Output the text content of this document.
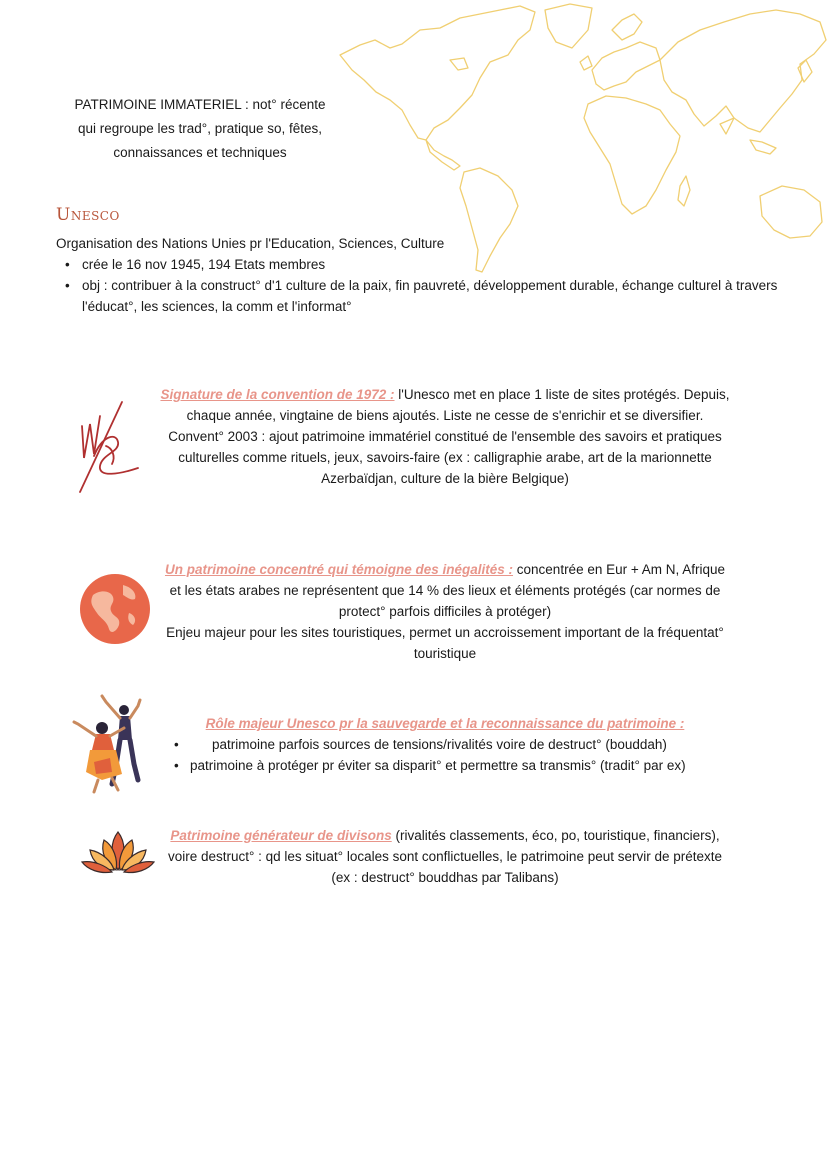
PATRIMOINE IMMATERIEL : not° récente
qui regroupe les trad°, pratique so, fêtes,
connaissances et techniques
Unesco
Organisation des Nations Unies pr l'Education, Sciences, Culture
• crée le 16 nov 1945, 194 Etats membres
• obj : contribuer à la construct° d'1 culture de la paix, fin pauvreté, développement durable, échange culturel à travers l'éducat°, les sciences, la comm et l'informat°
Signature de la convention de 1972 : l'Unesco met en place 1 liste de sites protégés. Depuis, chaque année, vingtaine de biens ajoutés. Liste ne cesse de s'enrichir et se diversifier.
Convent° 2003 : ajout patrimoine immatériel constitué de l'ensemble des savoirs et pratiques culturelles comme rituels, jeux, savoirs-faire (ex : calligraphie arabe, art de la marionnette Azerbaïdjan, culture de la bière Belgique)
Un patrimoine concentré qui témoigne des inégalités : concentrée en Eur + Am N, Afrique et les états arabes ne représentent que 14 % des lieux et éléments protégés (car normes de protect° parfois difficiles à protéger)
Enjeu majeur pour les sites touristiques, permet un accroissement important de la fréquentat° touristique
Rôle majeur Unesco pr la sauvegarde et la reconnaissance du patrimoine :
• patrimoine parfois sources de tensions/rivalités voire de destruct° (bouddah)
• patrimoine à protéger pr éviter sa disparit° et permettre sa transmis° (tradit° par ex)
Patrimoine générateur de divisons (rivalités classements, éco, po, touristique, financiers), voire destruct° : qd les situat° locales sont conflictuelles, le patrimoine peut servir de prétexte (ex : destruct° bouddhas par Talibans)
